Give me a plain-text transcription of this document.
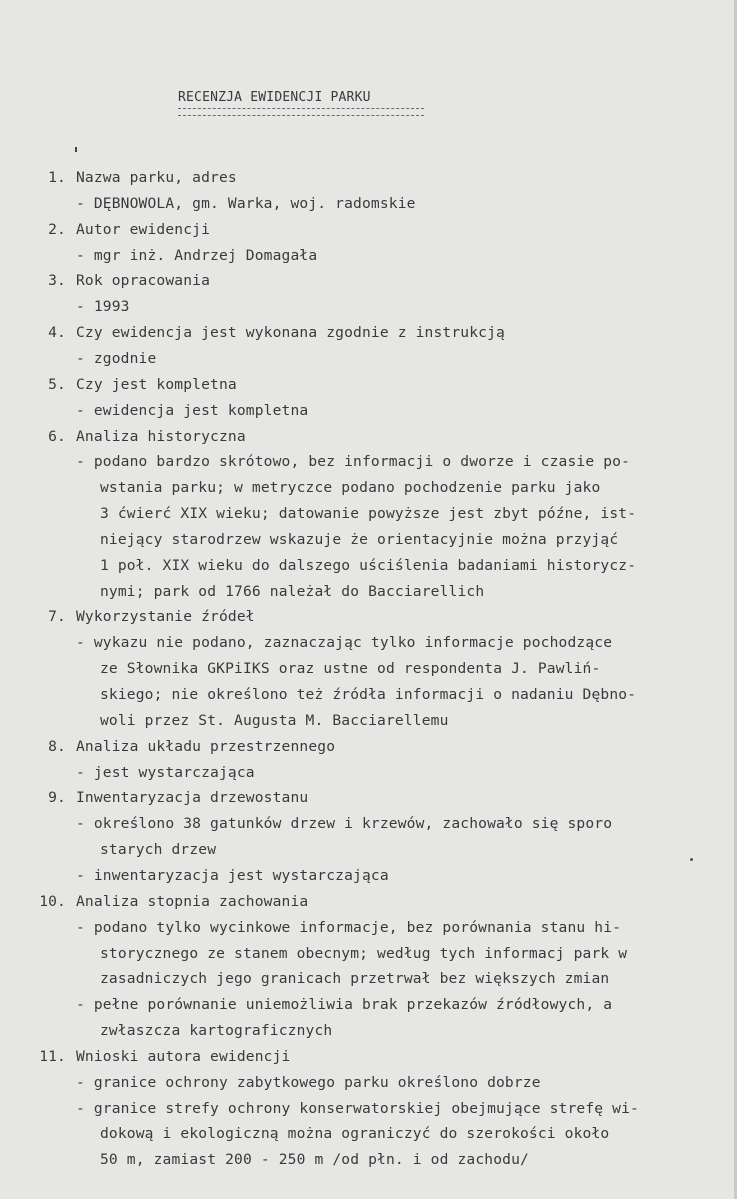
RECENZJA EWIDENCJI PARKU
1. Nazwa parku, adres
- DĘBNOWOLA, gm. Warka, woj. radomskie
2. Autor ewidencji
- mgr inż. Andrzej Domagała
3. Rok opracowania
- 1993
4. Czy ewidencja jest wykonana zgodnie z instrukcją
- zgodnie
5. Czy jest kompletna
- ewidencja jest kompletna
6. Analiza historyczna
- podano bardzo skrótowo, bez informacji o dworze i czasie po-
wstania parku; w metryczce podano pochodzenie parku jako
3 ćwierć XIX wieku; datowanie powyższe jest zbyt późne, ist-
niejący starodrzew wskazuje że orientacyjnie można przyjąć
1 poł. XIX wieku do dalszego uściślenia badaniami historycz-
nymi; park od 1766 należał do Bacciarellich
7. Wykorzystanie źródeł
- wykazu nie podano, zaznaczając tylko informacje pochodzące
ze Słownika GKPiIKS oraz ustne od respondenta J. Pawliń-
skiego; nie określono też źródła informacji o nadaniu Dębno-
woli przez St. Augusta M. Bacciarellemu
8. Analiza układu przestrzennego
- jest wystarczająca
9. Inwentaryzacja drzewostanu
- określono 38 gatunków drzew i krzewów, zachowało się sporo
starych drzew
- inwentaryzacja jest wystarczająca
10. Analiza stopnia zachowania
- podano tylko wycinkowe informacje, bez porównania stanu hi-
storycznego ze stanem obecnym; według tych informacj park w
zasadniczych jego granicach przetrwał bez większych zmian
- pełne porównanie uniemożliwia brak przekazów źródłowych, a
zwłaszcza kartograficznych
11. Wnioski autora ewidencji
- granice ochrony zabytkowego parku określono dobrze
- granice strefy ochrony konserwatorskiej obejmujące strefę wi-
dokową i ekologiczną można ograniczyć do szerokości około
50 m, zamiast 200 - 250 m /od płn. i od zachodu/
